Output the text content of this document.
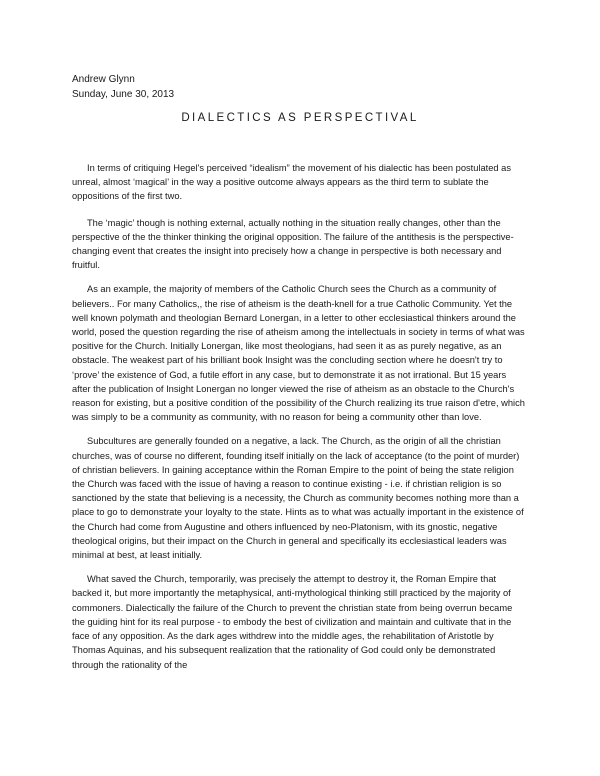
Andrew Glynn
Sunday, June 30, 2013
DIALECTICS AS PERSPECTIVAL

In terms of critiquing Hegel's perceived “idealism” the movement of his dialectic has been postulated as unreal, almost ‘magical’ in the way a positive outcome always appears as the third term to sublate the oppositions of the first two.

The ‘magic’ though is nothing external, actually nothing in the situation really changes, other than the perspective of the the thinker thinking the original opposition. The failure of the antithesis is the perspective-changing event that creates the insight into precisely how a change in perspective is both necessary and fruitful.

As an example, the majority of members of the Catholic Church sees the Church as a community of believers.. For many Catholics,, the rise of atheism is the death-knell for a true Catholic Community. Yet the well known polymath and theologian Bernard Lonergan, in a letter to other ecclesiastical thinkers around the world, posed the question regarding the rise of atheism among the intellectuals in society in terms of what was positive for the Church. Initially Lonergan, like most theologians, had seen it as as purely negative, as an obstacle. The weakest part of his brilliant book Insight was the concluding section where he doesn't try to ‘prove’ the existence of God, a futile effort in any case, but to demonstrate it as not irrational. But 15 years after the publication of Insight Lonergan no longer viewed the rise of atheism as an obstacle to the Church's reason for existing, but a positive condition of the possibility of the Church realizing its true raison d'etre, which was simply to be a community as community, with no reason for being a community other than love.

Subcultures are generally founded on a negative, a lack. The Church, as the origin of all the christian churches, was of course no different, founding itself initially on the lack of acceptance (to the point of murder) of christian believers. In gaining acceptance within the Roman Empire to the point of being the state religion the Church was faced with the issue of having a reason to continue existing - i.e. if christian religion is so sanctioned by the state that believing is a necessity, the Church as community becomes nothing more than a place to go to demonstrate your loyalty to the state. Hints as to what was actually important in the existence of the Church had come from Augustine and others influenced by neo-Platonism, with its gnostic, negative theological origins, but their impact on the Church in general and specifically its ecclesiastical leaders was minimal at best, at least initially.

What saved the Church, temporarily, was precisely the attempt to destroy it, the Roman Empire that backed it, but more importantly the metaphysical, anti-mythological thinking still practiced by the majority of commoners. Dialectically the failure of the Church to prevent the christian state from being overrun became the guiding hint for its real purpose - to embody the best of civilization and maintain and cultivate that in the face of any opposition. As the dark ages withdrew into the middle ages, the rehabilitation of Aristotle by Thomas Aquinas, and his subsequent realization that the rationality of God could only be demonstrated through the rationality of the
